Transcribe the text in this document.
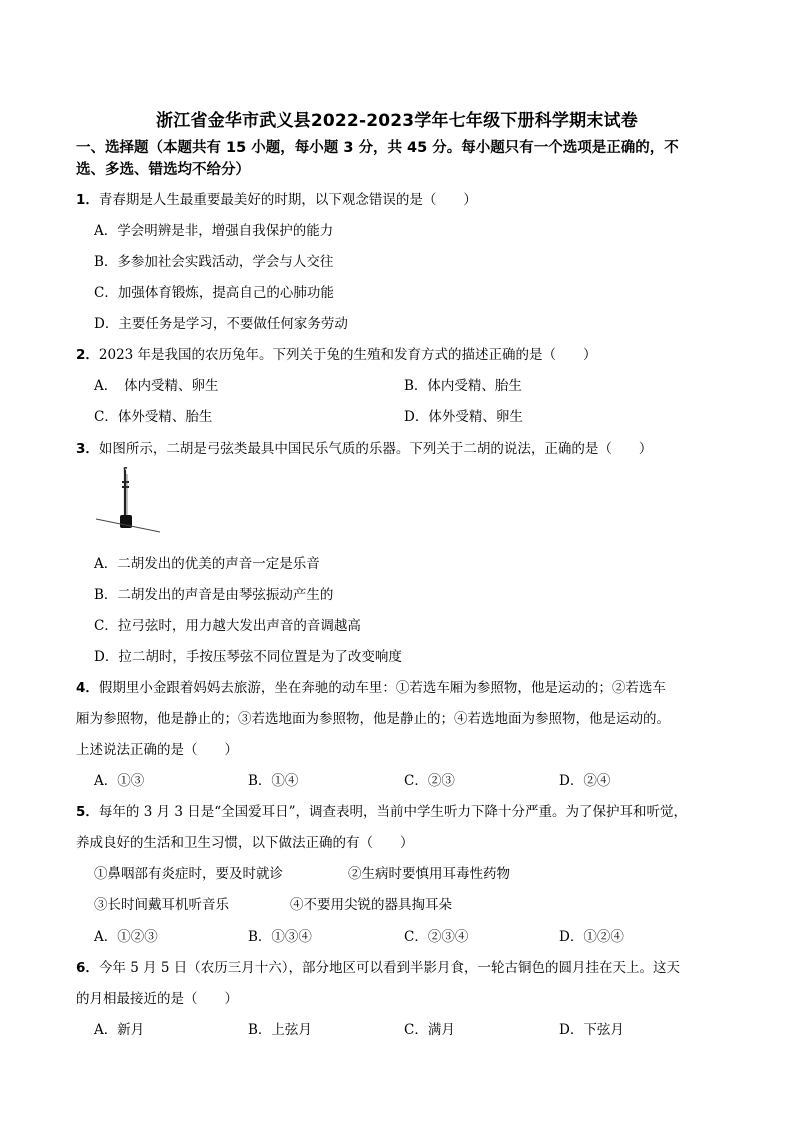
浙江省金华市武义县2022-2023学年七年级下册科学期末试卷
一、选择题（本题共有 15 小题，每小题 3 分，共 45 分。每小题只有一个选项是正确的，不
选、多选、错选均不给分）
1．青春期是人生最重要最美好的时期，以下观念错误的是（　　）
A．学会明辨是非，增强自我保护的能力
B．多参加社会实践活动，学会与人交往
C．加强体育锻炼，提高自己的心肺功能
D．主要任务是学习，不要做任何家务劳动
2．2023 年是我国的农历兔年。下列关于兔的生殖和发育方式的描述正确的是（　　）
A．　体内受精、卵生	B．体内受精、胎生
C．体外受精、胎生	D．体外受精、卵生
3．如图所示，二胡是弓弦类最具中国民乐气质的乐器。下列关于二胡的说法，正确的是（　　）
A．二胡发出的优美的声音一定是乐音
B．二胡发出的声音是由琴弦振动产生的
C．拉弓弦时，用力越大发出声音的音调越高
D．拉二胡时，手按压琴弦不同位置是为了改变响度
4．假期里小金跟着妈妈去旅游，坐在奔驰的动车里：①若选车厢为参照物，他是运动的；②若选车
厢为参照物，他是静止的；③若选地面为参照物，他是静止的；④若选地面为参照物，他是运动的。
上述说法正确的是（　　）
A．①③	B．①④	C．②③	D．②④
5．每年的 3 月 3 日是“全国爱耳日”，调查表明，当前中学生听力下降十分严重。为了保护耳和听觉，
养成良好的生活和卫生习惯，以下做法正确的有（　　）
①鼻咽部有炎症时，要及时就诊	②生病时要慎用耳毒性药物
③长时间戴耳机听音乐	④不要用尖锐的器具掏耳朵
A．①②③	B．①③④	C．②③④	D．①②④
6．今年 5 月 5 日（农历三月十六），部分地区可以看到半影月食，一轮古铜色的圆月挂在天上。这天
的月相最接近的是（　　）
A．新月	B．上弦月	C．满月	D．下弦月
